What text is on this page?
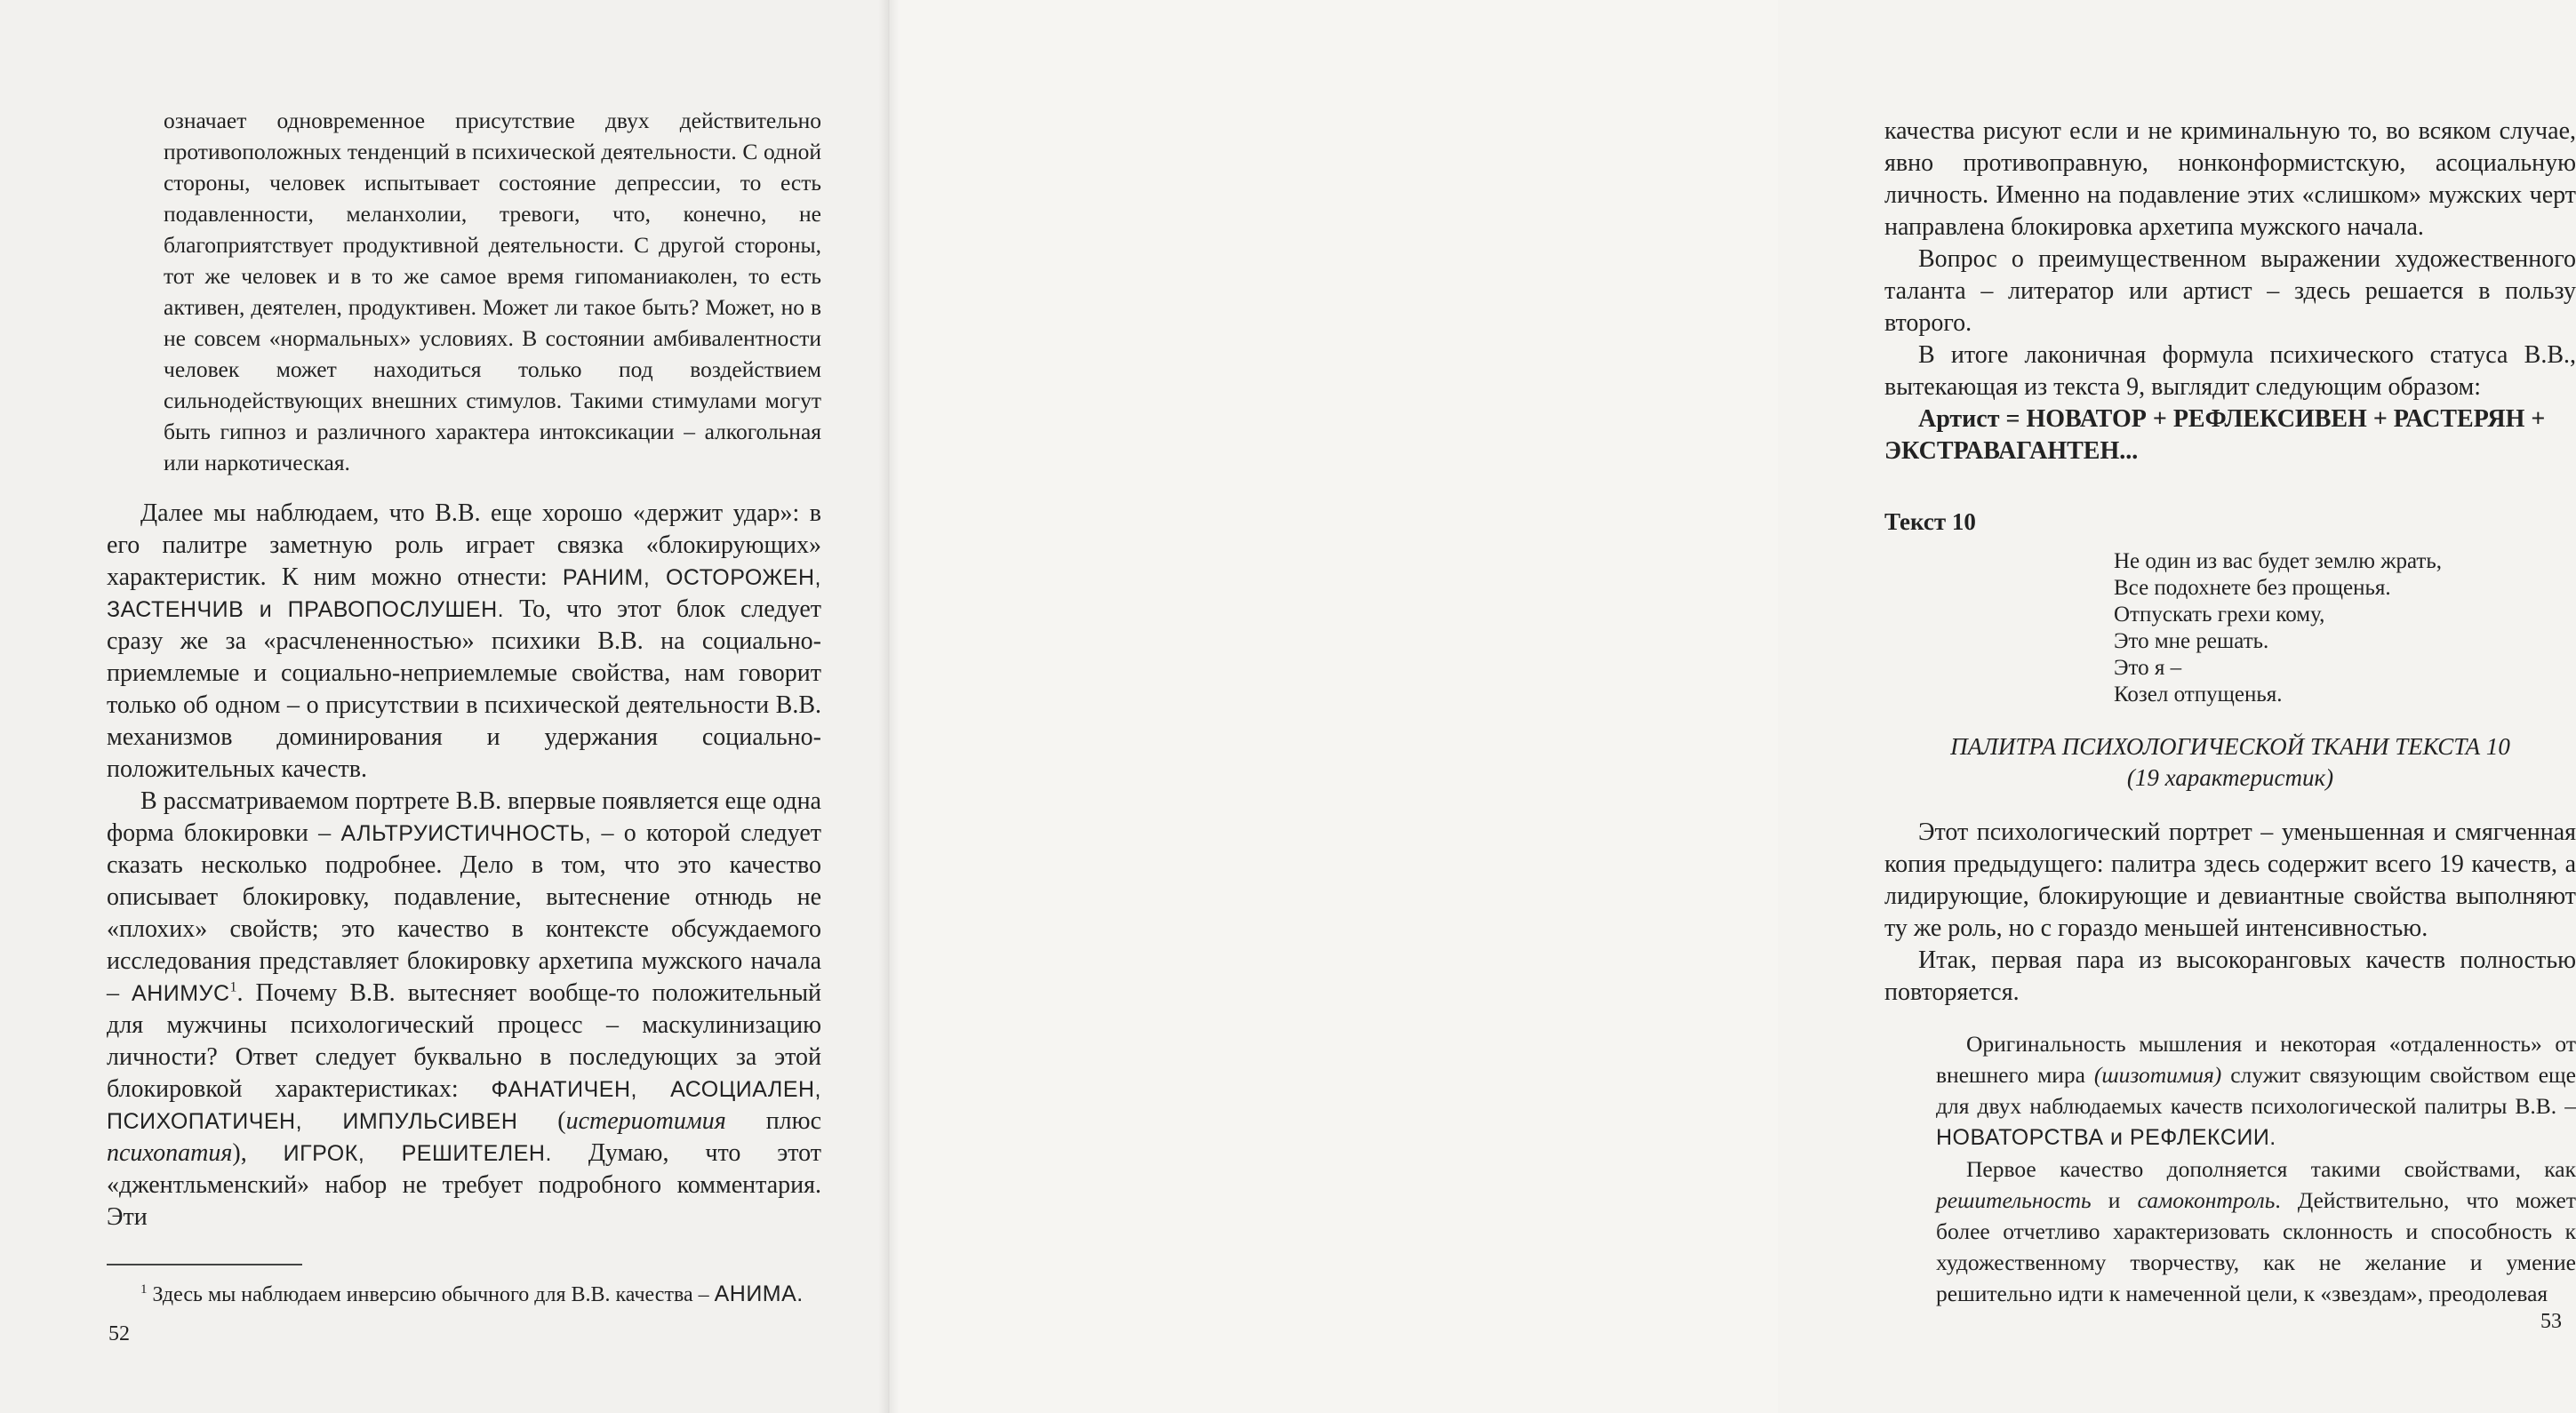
означает одновременное присутствие двух действительно противоположных тенденций в психической деятельности. С одной стороны, человек испытывает состояние депрессии, то есть подавленности, меланхолии, тревоги, что, конечно, не благоприятствует продуктивной деятельности. С другой стороны, тот же человек и в то же самое время гипоманиаколен, то есть активен, деятелен, продуктивен. Может ли такое быть? Может, но в не совсем «нормальных» условиях. В состоянии амбивалентности человек может находиться только под воздействием сильнодействующих внешних стимулов. Такими стимулами могут быть гипноз и различного характера интоксикации – алкогольная или наркотическая.

Далее мы наблюдаем, что В.В. еще хорошо «держит удар»: в его палитре заметную роль играет связка «блокирующих» характеристик. К ним можно отнести: РАНИМ, ОСТОРОЖЕН, ЗАСТЕНЧИВ и ПРАВОПОСЛУШЕН. То, что этот блок следует сразу же за «расчлененностью» психики В.В. на социально-приемлемые и социально-неприемлемые свойства, нам говорит только об одном – о присутствии в психической деятельности В.В. механизмов доминирования и удержания социально-положительных качеств.

В рассматриваемом портрете В.В. впервые появляется еще одна форма блокировки – АЛЬТРУИСТИЧНОСТЬ, – о которой следует сказать несколько подробнее. Дело в том, что это качество описывает блокировку, подавление, вытеснение отнюдь не «плохих» свойств; это качество в контексте обсуждаемого исследования представляет блокировку архетипа мужского начала – АНИМУС$^1$. Почему В.В. вытесняет вообще-то положительный для мужчины психологический процесс – маскулинизацию личности? Ответ следует буквально в последующих за этой блокировкой характеристиках: ФАНАТИЧЕН, АСОЦИАЛЕН, ПСИХОПАТИЧЕН, ИМПУЛЬСИВЕН (истериотимия плюс психопатия), ИГРОК, РЕШИТЕЛЕН. Думаю, что этот «джентльменский» набор не требует подробного комментария. Эти

$^1$ Здесь мы наблюдаем инверсию обычного для В.В. качества – АНИМА.

52

качества рисуют если и не криминальную то, во всяком случае, явно противоправную, нонконформистскую, асоциальную личность. Именно на подавление этих «слишком» мужских черт направлена блокировка архетипа мужского начала.

Вопрос о преимущественном выражении художественного таланта – литератор или артист – здесь решается в пользу второго.

В итоге лаконичная формула психического статуса В.В., вытекающая из текста 9, выглядит следующим образом:

Артист = НОВАТОР + РЕФЛЕКСИВЕН + РАСТЕРЯН + ЭКСТРАВАГАНТЕН...

Текст 10
Не один из вас будет землю жрать,
Все подохнете без прощенья.
Отпускать грехи кому,
Это мне решать.
Это я –
Козел отпущенья.
ПАЛИТРА ПСИХОЛОГИЧЕСКОЙ ТКАНИ ТЕКСТА 10
(19 характеристик)

Этот психологический портрет – уменьшенная и смягченная копия предыдущего: палитра здесь содержит всего 19 качеств, а лидирующие, блокирующие и девиантные свойства выполняют ту же роль, но с гораздо меньшей интенсивностью.

Итак, первая пара из высокоранговых качеств полностью повторяется.

Оригинальность мышления и некоторая «отдаленность» от внешнего мира (шизотимия) служит связующим свойством еще для двух наблюдаемых качеств психологической палитры В.В. – НОВАТОРСТВА и РЕФЛЕКСИИ.

Первое качество дополняется такими свойствами, как решительность и самоконтроль. Действительно, что может более отчетливо характеризовать склонность и способность к художественному творчеству, как не желание и умение решительно идти к намеченной цели, к «звездам», преодолевая

53
